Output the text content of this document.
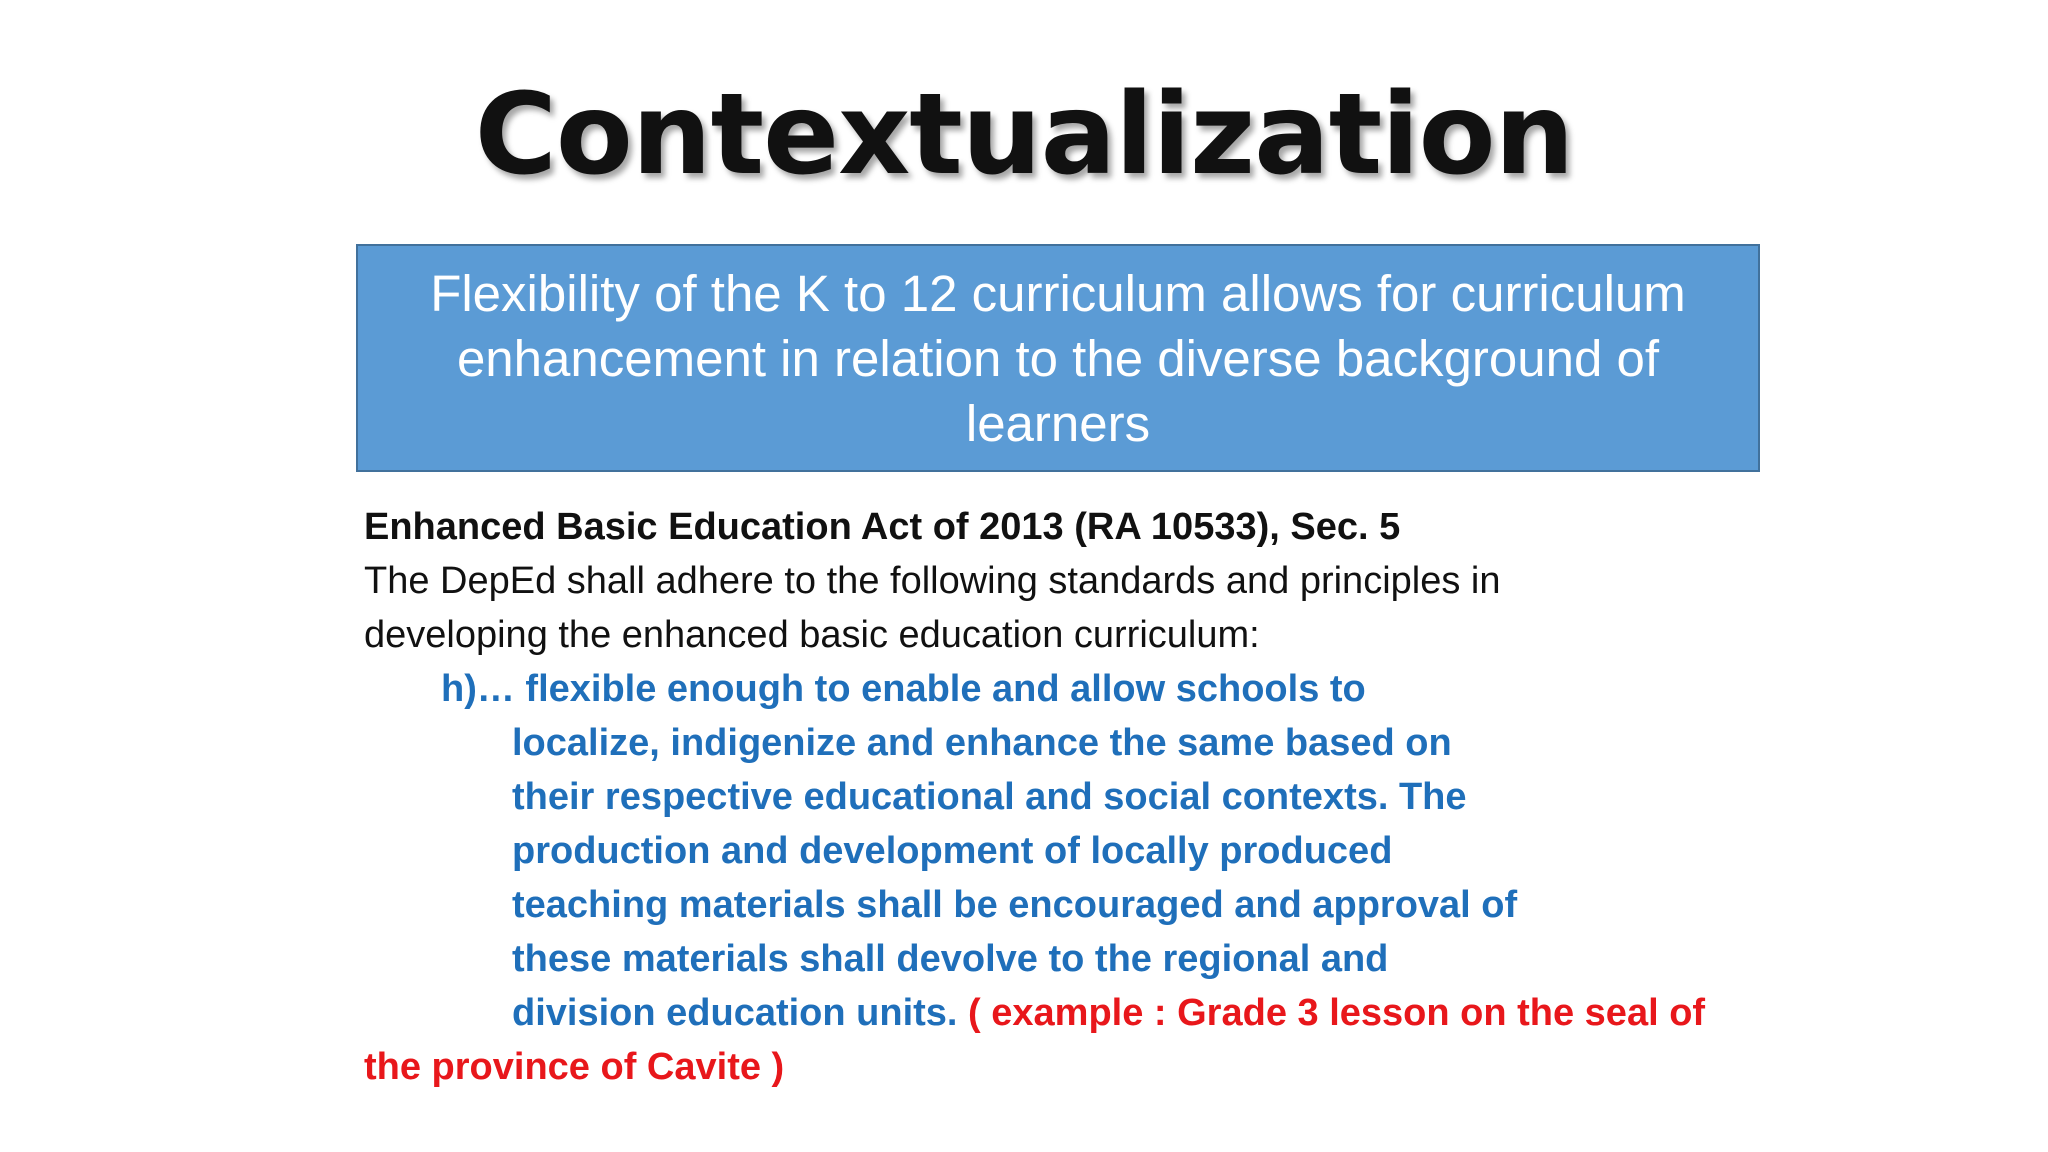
Contextualization
Flexibility of the K to 12 curriculum allows for curriculum
enhancement in relation to the diverse background of
learners
Enhanced Basic Education Act of 2013 (RA 10533), Sec. 5
The DepEd shall adhere to the following standards and principles in
developing the enhanced basic education curriculum:
h)… flexible enough to enable and allow schools to
localize, indigenize and enhance the same based on
their respective educational and social contexts. The
production and development of locally produced
teaching materials shall be encouraged and approval of
these materials shall devolve to the regional and
division education units. ( example : Grade 3 lesson on the seal of
the province of Cavite )
